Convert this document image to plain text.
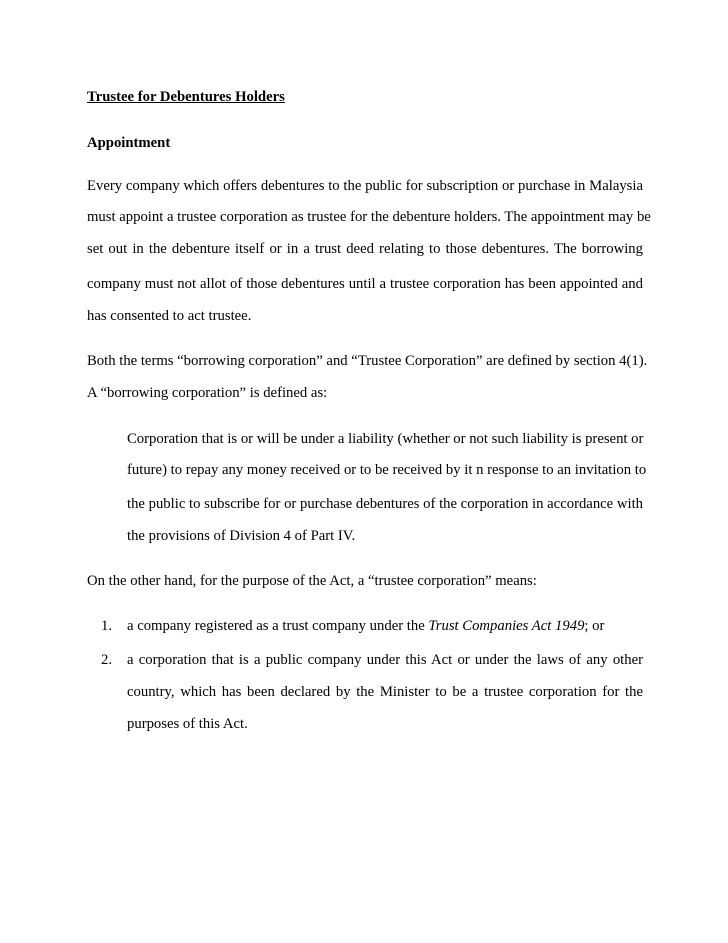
Trustee for Debentures Holders
Appointment
Every company which offers debentures to the public for subscription or purchase in Malaysia
must appoint a trustee corporation as trustee for the debenture holders. The appointment may be
set out in the debenture itself or in a trust deed relating to those debentures. The borrowing
company must not allot of those debentures until a trustee corporation has been appointed and
has consented to act trustee.
Both the terms “borrowing corporation” and “Trustee Corporation” are defined by section 4(1).
A “borrowing corporation” is defined as:
Corporation that is or will be under a liability (whether or not such liability is present or
future) to repay any money received or to be received by it n response to an invitation to
the public to subscribe for or purchase debentures of the corporation in accordance with
the provisions of Division 4 of Part IV.
On the other hand, for the purpose of the Act, a “trustee corporation” means:
1. a company registered as a trust company under the Trust Companies Act 1949; or
2. a corporation that is a public company under this Act or under the laws of any other
country, which has been declared by the Minister to be a trustee corporation for the
purposes of this Act.
